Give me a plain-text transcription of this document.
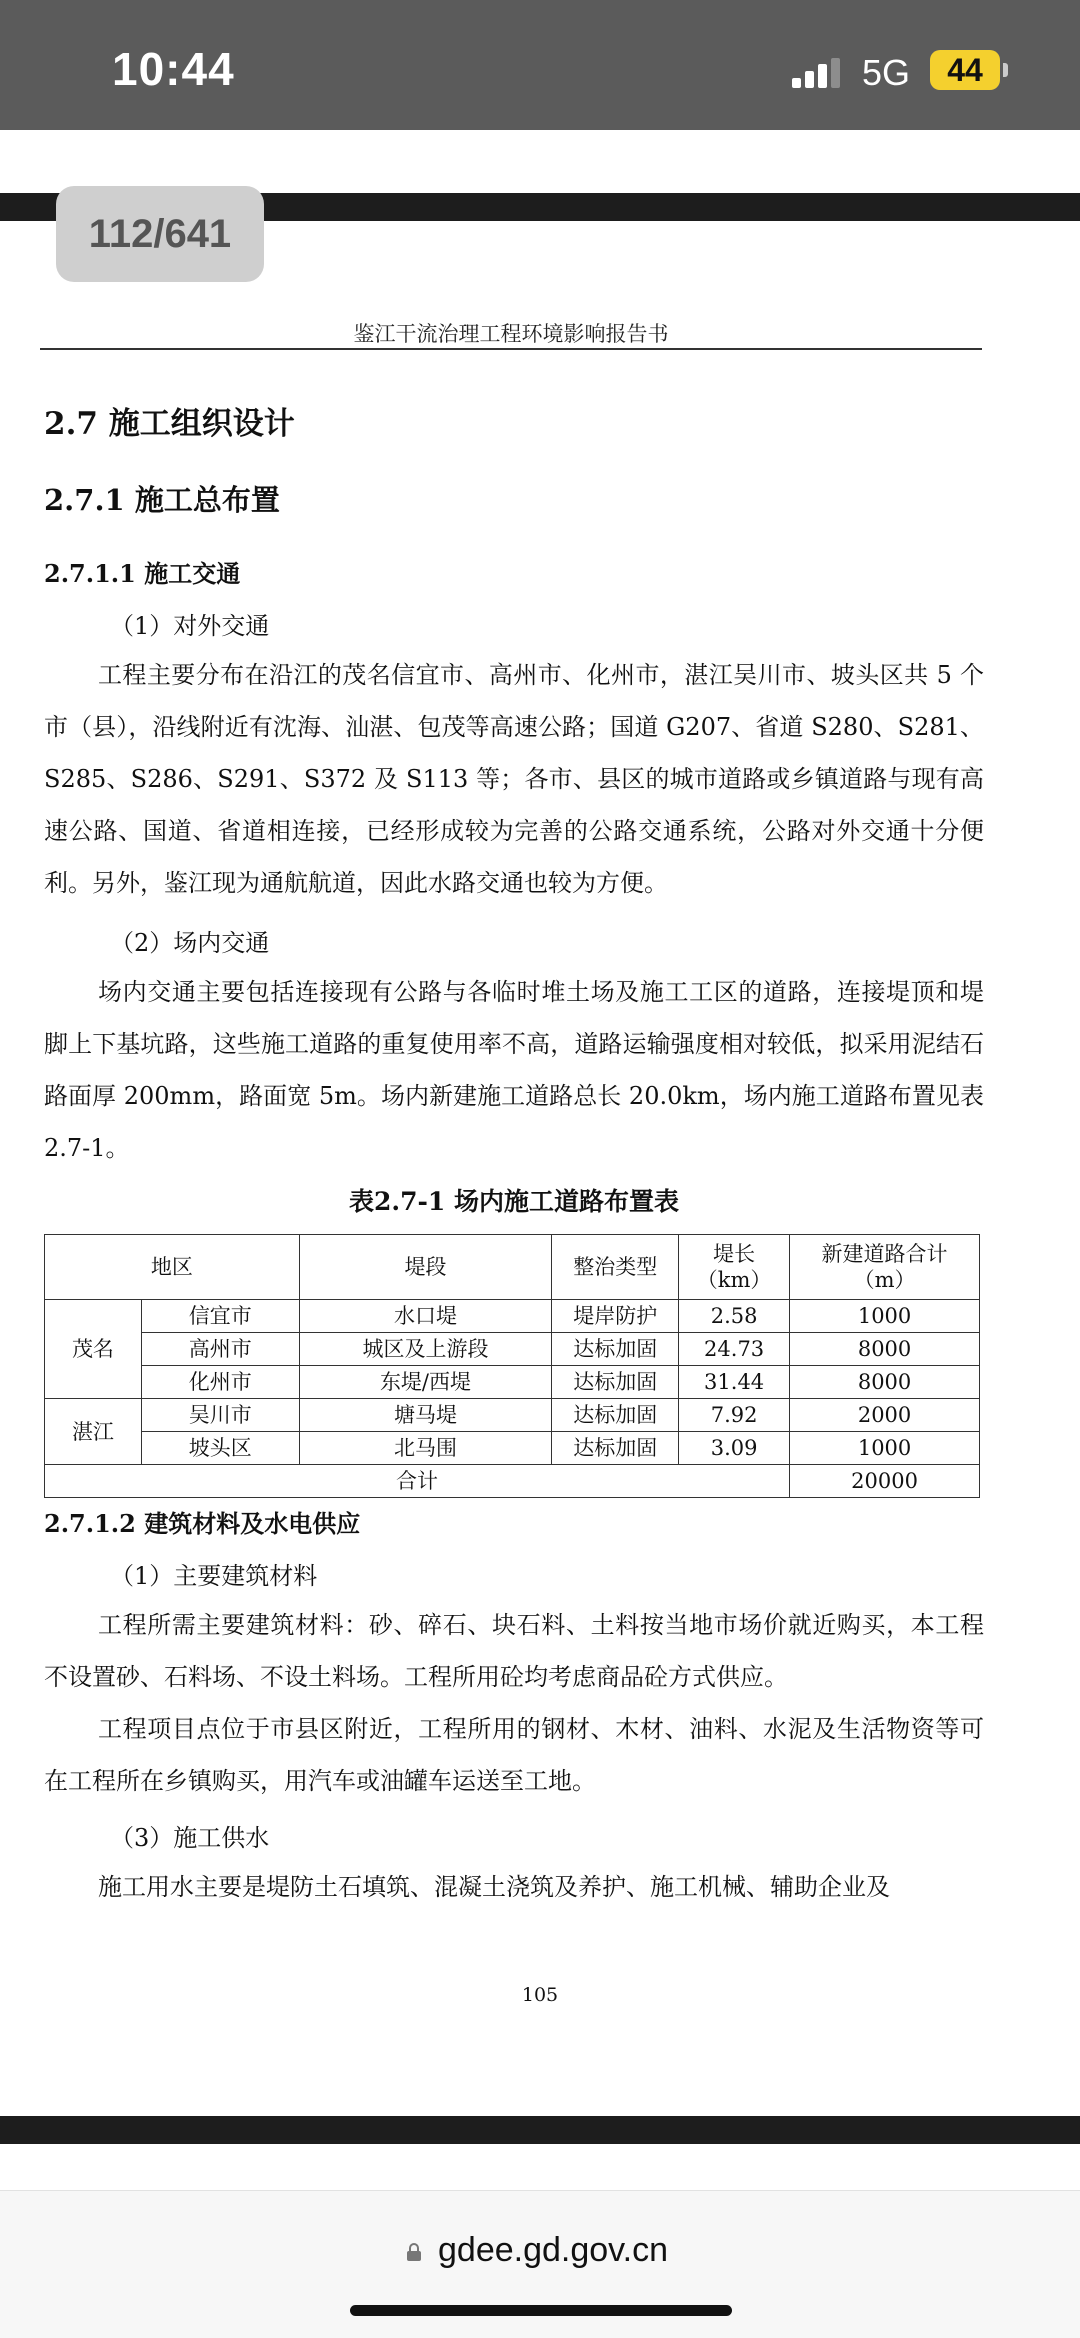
10:44	5G	44
112/641
鉴江干流治理工程环境影响报告书
2.7 施工组织设计
2.7.1 施工总布置
2.7.1.1 施工交通
（1）对外交通
工程主要分布在沿江的茂名信宜市、高州市、化州市，湛江吴川市、坡头区共 5 个市（县），沿线附近有沈海、汕湛、包茂等高速公路；国道 G207、省道 S280、S281、S285、S286、S291、S372 及 S113 等；各市、县区的城市道路或乡镇道路与现有高速公路、国道、省道相连接，已经形成较为完善的公路交通系统，公路对外交通十分便利。另外，鉴江现为通航航道，因此水路交通也较为方便。
（2）场内交通
场内交通主要包括连接现有公路与各临时堆土场及施工工区的道路，连接堤顶和堤脚上下基坑路，这些施工道路的重复使用率不高，道路运输强度相对较低，拟采用泥结石路面厚 200mm，路面宽 5m。场内新建施工道路总长 20.0km，场内施工道路布置见表 2.7-1。
表2.7-1 场内施工道路布置表
地区		堤段	整治类型	堤长（km）	新建道路合计（m）
茂名	信宜市	水口堤	堤岸防护	2.58	1000
	高州市	城区及上游段	达标加固	24.73	8000
	化州市	东堤/西堤	达标加固	31.44	8000
湛江	吴川市	塘马堤	达标加固	7.92	2000
	坡头区	北马围	达标加固	3.09	1000
合计					20000
2.7.1.2 建筑材料及水电供应
（1）主要建筑材料
工程所需主要建筑材料：砂、碎石、块石料、土料按当地市场价就近购买，本工程不设置砂、石料场、不设土料场。工程所用砼均考虑商品砼方式供应。
工程项目点位于市县区附近，工程所用的钢材、木材、油料、水泥及生活物资等可在工程所在乡镇购买，用汽车或油罐车运送至工地。
（3）施工供水
施工用水主要是堤防土石填筑、混凝土浇筑及养护、施工机械、辅助企业及
105
gdee.gd.gov.cn
